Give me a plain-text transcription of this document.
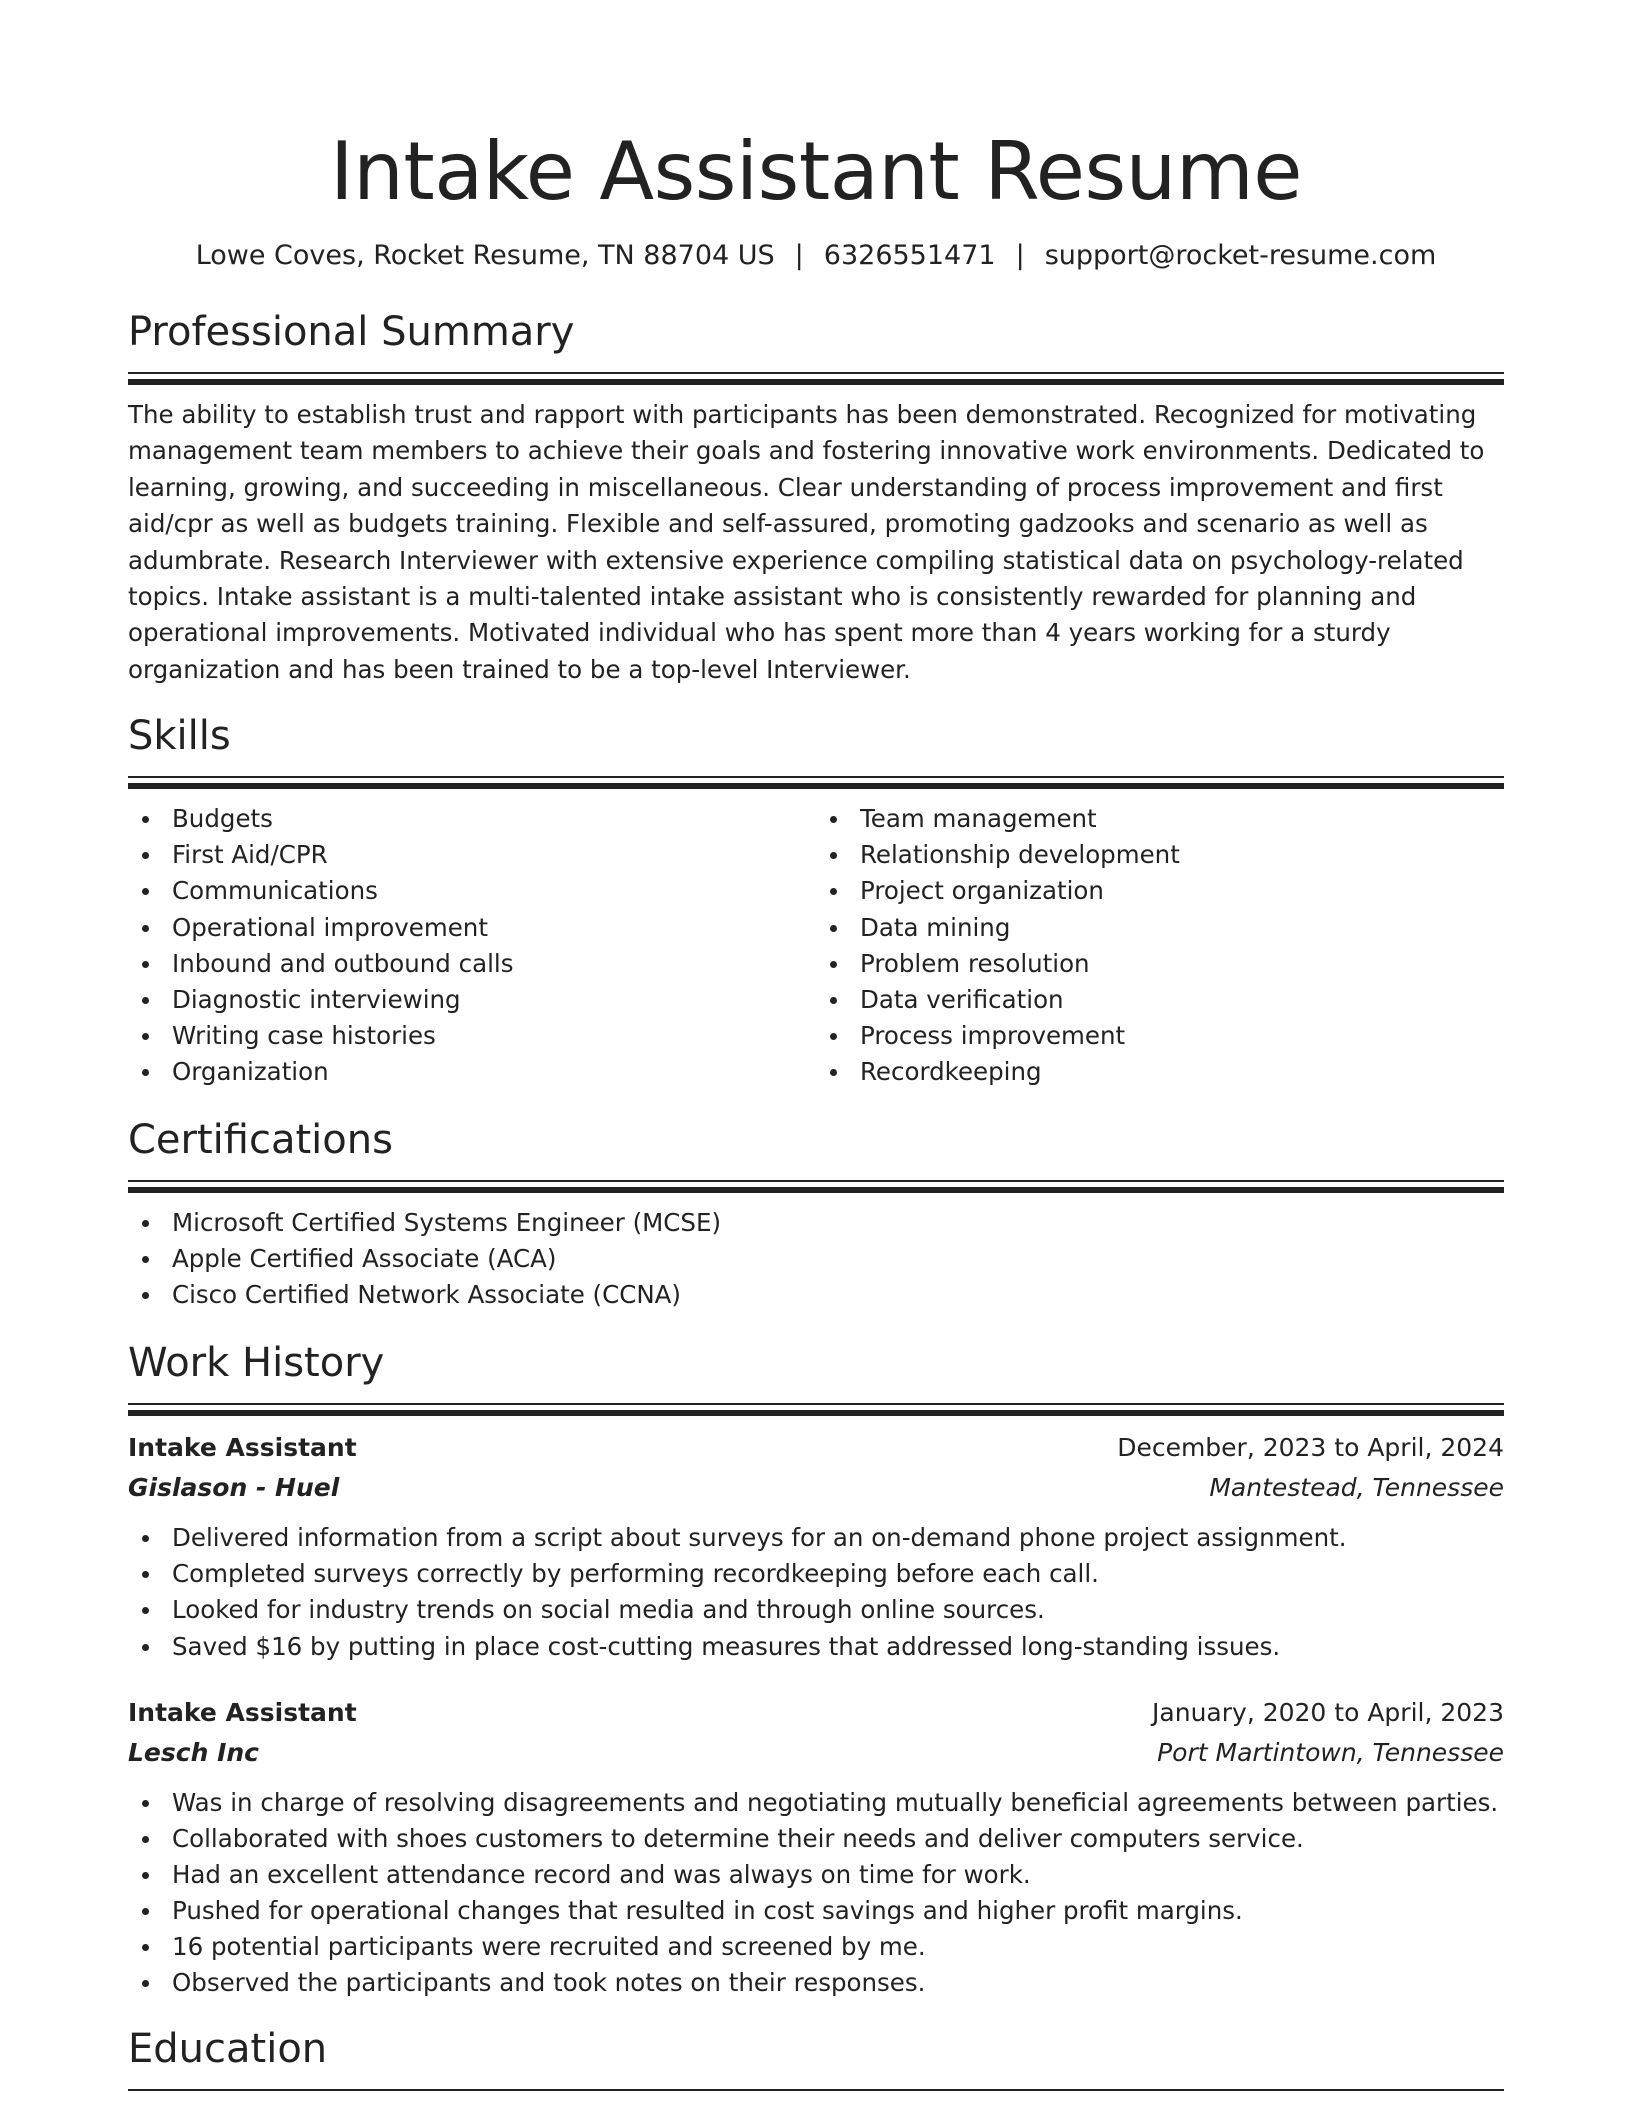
Intake Assistant Resume
Lowe Coves, Rocket Resume, TN 88704 US | 6326551471 | support@rocket-resume.com
Professional Summary

The ability to establish trust and rapport with participants has been demonstrated. Recognized for motivating management team members to achieve their goals and fostering innovative work environments. Dedicated to learning, growing, and succeeding in miscellaneous. Clear understanding of process improvement and first aid/cpr as well as budgets training. Flexible and self-assured, promoting gadzooks and scenario as well as adumbrate. Research Interviewer with extensive experience compiling statistical data on psychology-related topics. Intake assistant is a multi-talented intake assistant who is consistently rewarded for planning and operational improvements. Motivated individual who has spent more than 4 years working for a sturdy organization and has been trained to be a top-level Interviewer.

Skills
Budgets
First Aid/CPR
Communications
Operational improvement
Inbound and outbound calls
Diagnostic interviewing
Writing case histories
Organization
Team management
Relationship development
Project organization
Data mining
Problem resolution
Data verification
Process improvement
Recordkeeping
Certifications
Microsoft Certified Systems Engineer (MCSE)
Apple Certified Associate (ACA)
Cisco Certified Network Associate (CCNA)
Work History
Intake Assistant	December, 2023 to April, 2024
Gislason - Huel	Mantestead, Tennessee
Delivered information from a script about surveys for an on-demand phone project assignment.
Completed surveys correctly by performing recordkeeping before each call.
Looked for industry trends on social media and through online sources.
Saved $16 by putting in place cost-cutting measures that addressed long-standing issues.
Intake Assistant	January, 2020 to April, 2023
Lesch Inc	Port Martintown, Tennessee
Was in charge of resolving disagreements and negotiating mutually beneficial agreements between parties.
Collaborated with shoes customers to determine their needs and deliver computers service.
Had an excellent attendance record and was always on time for work.
Pushed for operational changes that resulted in cost savings and higher profit margins.
16 potential participants were recruited and screened by me.
Observed the participants and took notes on their responses.
Education
